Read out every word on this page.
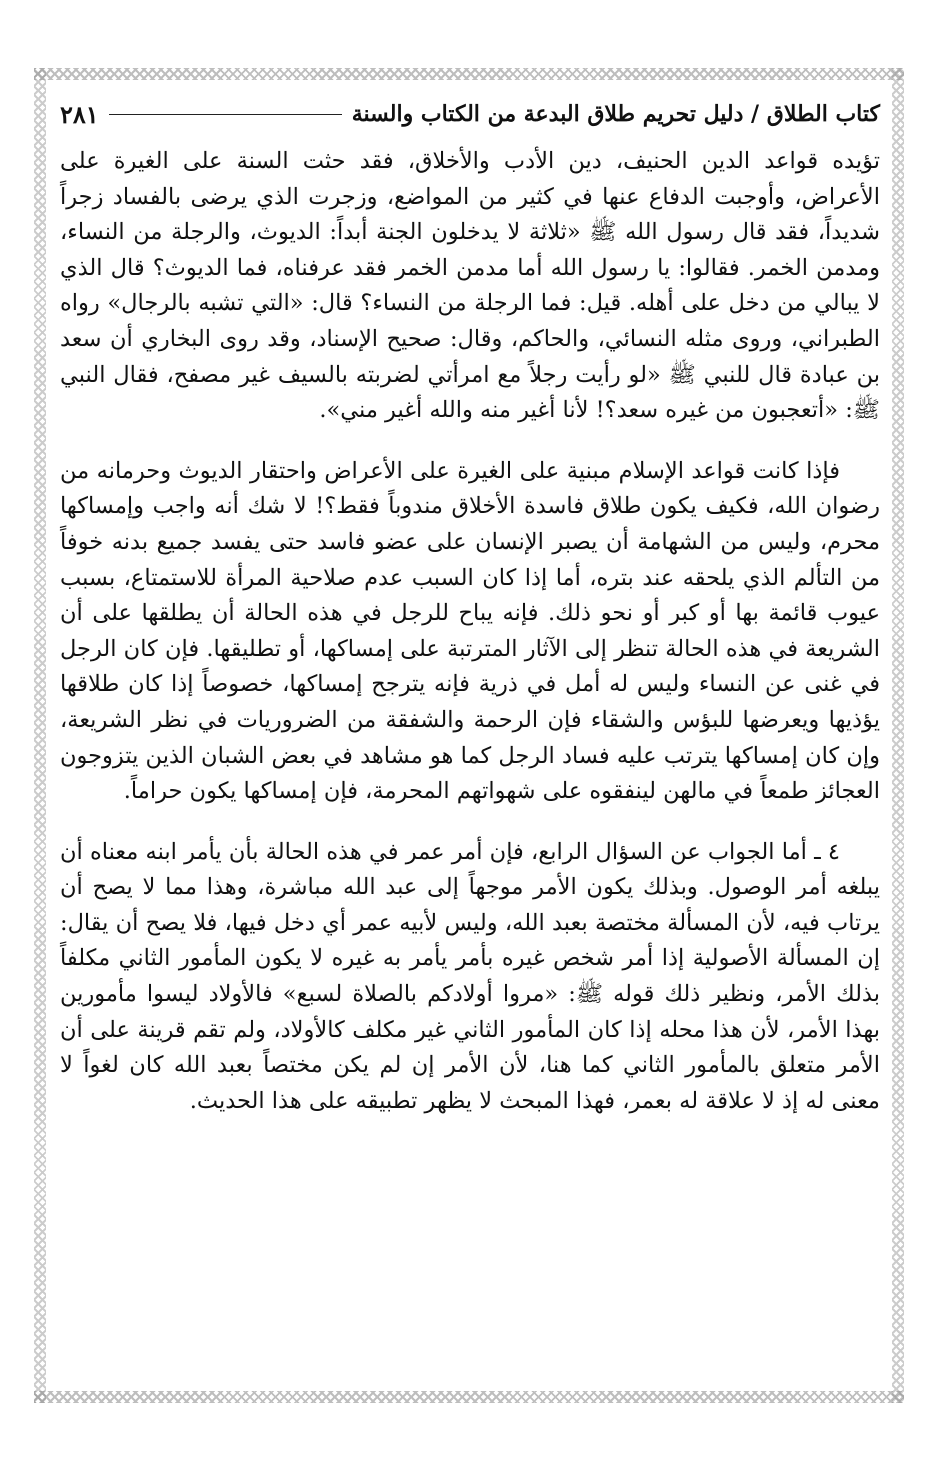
كتاب الطلاق / دليل تحريم طلاق البدعة من الكتاب والسنة
٢٨١

تؤيده قواعد الدين الحنيف، دين الأدب والأخلاق، فقد حثت السنة على الغيرة على الأعراض، وأوجبت الدفاع عنها في كثير من المواضع، وزجرت الذي يرضى بالفساد زجراً شديداً، فقد قال رسول الله ﷺ «ثلاثة لا يدخلون الجنة أبداً: الديوث، والرجلة من النساء، ومدمن الخمر. فقالوا: يا رسول الله أما مدمن الخمر فقد عرفناه، فما الديوث؟ قال الذي لا يبالي من دخل على أهله. قيل: فما الرجلة من النساء؟ قال: «التي تشبه بالرجال» رواه الطبراني، وروى مثله النسائي، والحاكم، وقال: صحيح الإسناد، وقد روى البخاري أن سعد بن عبادة قال للنبي ﷺ «لو رأيت رجلاً مع امرأتي لضربته بالسيف غير مصفح، فقال النبي ﷺ: «أتعجبون من غيره سعد؟! لأنا أغير منه والله أغير مني».

فإذا كانت قواعد الإسلام مبنية على الغيرة على الأعراض واحتقار الديوث وحرمانه من رضوان الله، فكيف يكون طلاق فاسدة الأخلاق مندوباً فقط؟! لا شك أنه واجب وإمساكها محرم، وليس من الشهامة أن يصبر الإنسان على عضو فاسد حتى يفسد جميع بدنه خوفاً من التألم الذي يلحقه عند بتره، أما إذا كان السبب عدم صلاحية المرأة للاستمتاع، بسبب عيوب قائمة بها أو كبر أو نحو ذلك. فإنه يباح للرجل في هذه الحالة أن يطلقها على أن الشريعة في هذه الحالة تنظر إلى الآثار المترتبة على إمساكها، أو تطليقها. فإن كان الرجل في غنى عن النساء وليس له أمل في ذرية فإنه يترجح إمساكها، خصوصاً إذا كان طلاقها يؤذيها ويعرضها للبؤس والشقاء فإن الرحمة والشفقة من الضروريات في نظر الشريعة، وإن كان إمساكها يترتب عليه فساد الرجل كما هو مشاهد في بعض الشبان الذين يتزوجون العجائز طمعاً في مالهن لينفقوه على شهواتهم المحرمة، فإن إمساكها يكون حراماً.

٤ ـ أما الجواب عن السؤال الرابع، فإن أمر عمر في هذه الحالة بأن يأمر ابنه معناه أن يبلغه أمر الوصول. وبذلك يكون الأمر موجهاً إلى عبد الله مباشرة، وهذا مما لا يصح أن يرتاب فيه، لأن المسألة مختصة بعبد الله، وليس لأبيه عمر أي دخل فيها، فلا يصح أن يقال: إن المسألة الأصولية إذا أمر شخص غيره بأمر يأمر به غيره لا يكون المأمور الثاني مكلفاً بذلك الأمر، ونظير ذلك قوله ﷺ: «مروا أولادكم بالصلاة لسبع» فالأولاد ليسوا مأمورين بهذا الأمر، لأن هذا محله إذا كان المأمور الثاني غير مكلف كالأولاد، ولم تقم قرينة على أن الأمر متعلق بالمأمور الثاني كما هنا، لأن الأمر إن لم يكن مختصاً بعبد الله كان لغواً لا معنى له إذ لا علاقة له بعمر، فهذا المبحث لا يظهر تطبيقه على هذا الحديث.
